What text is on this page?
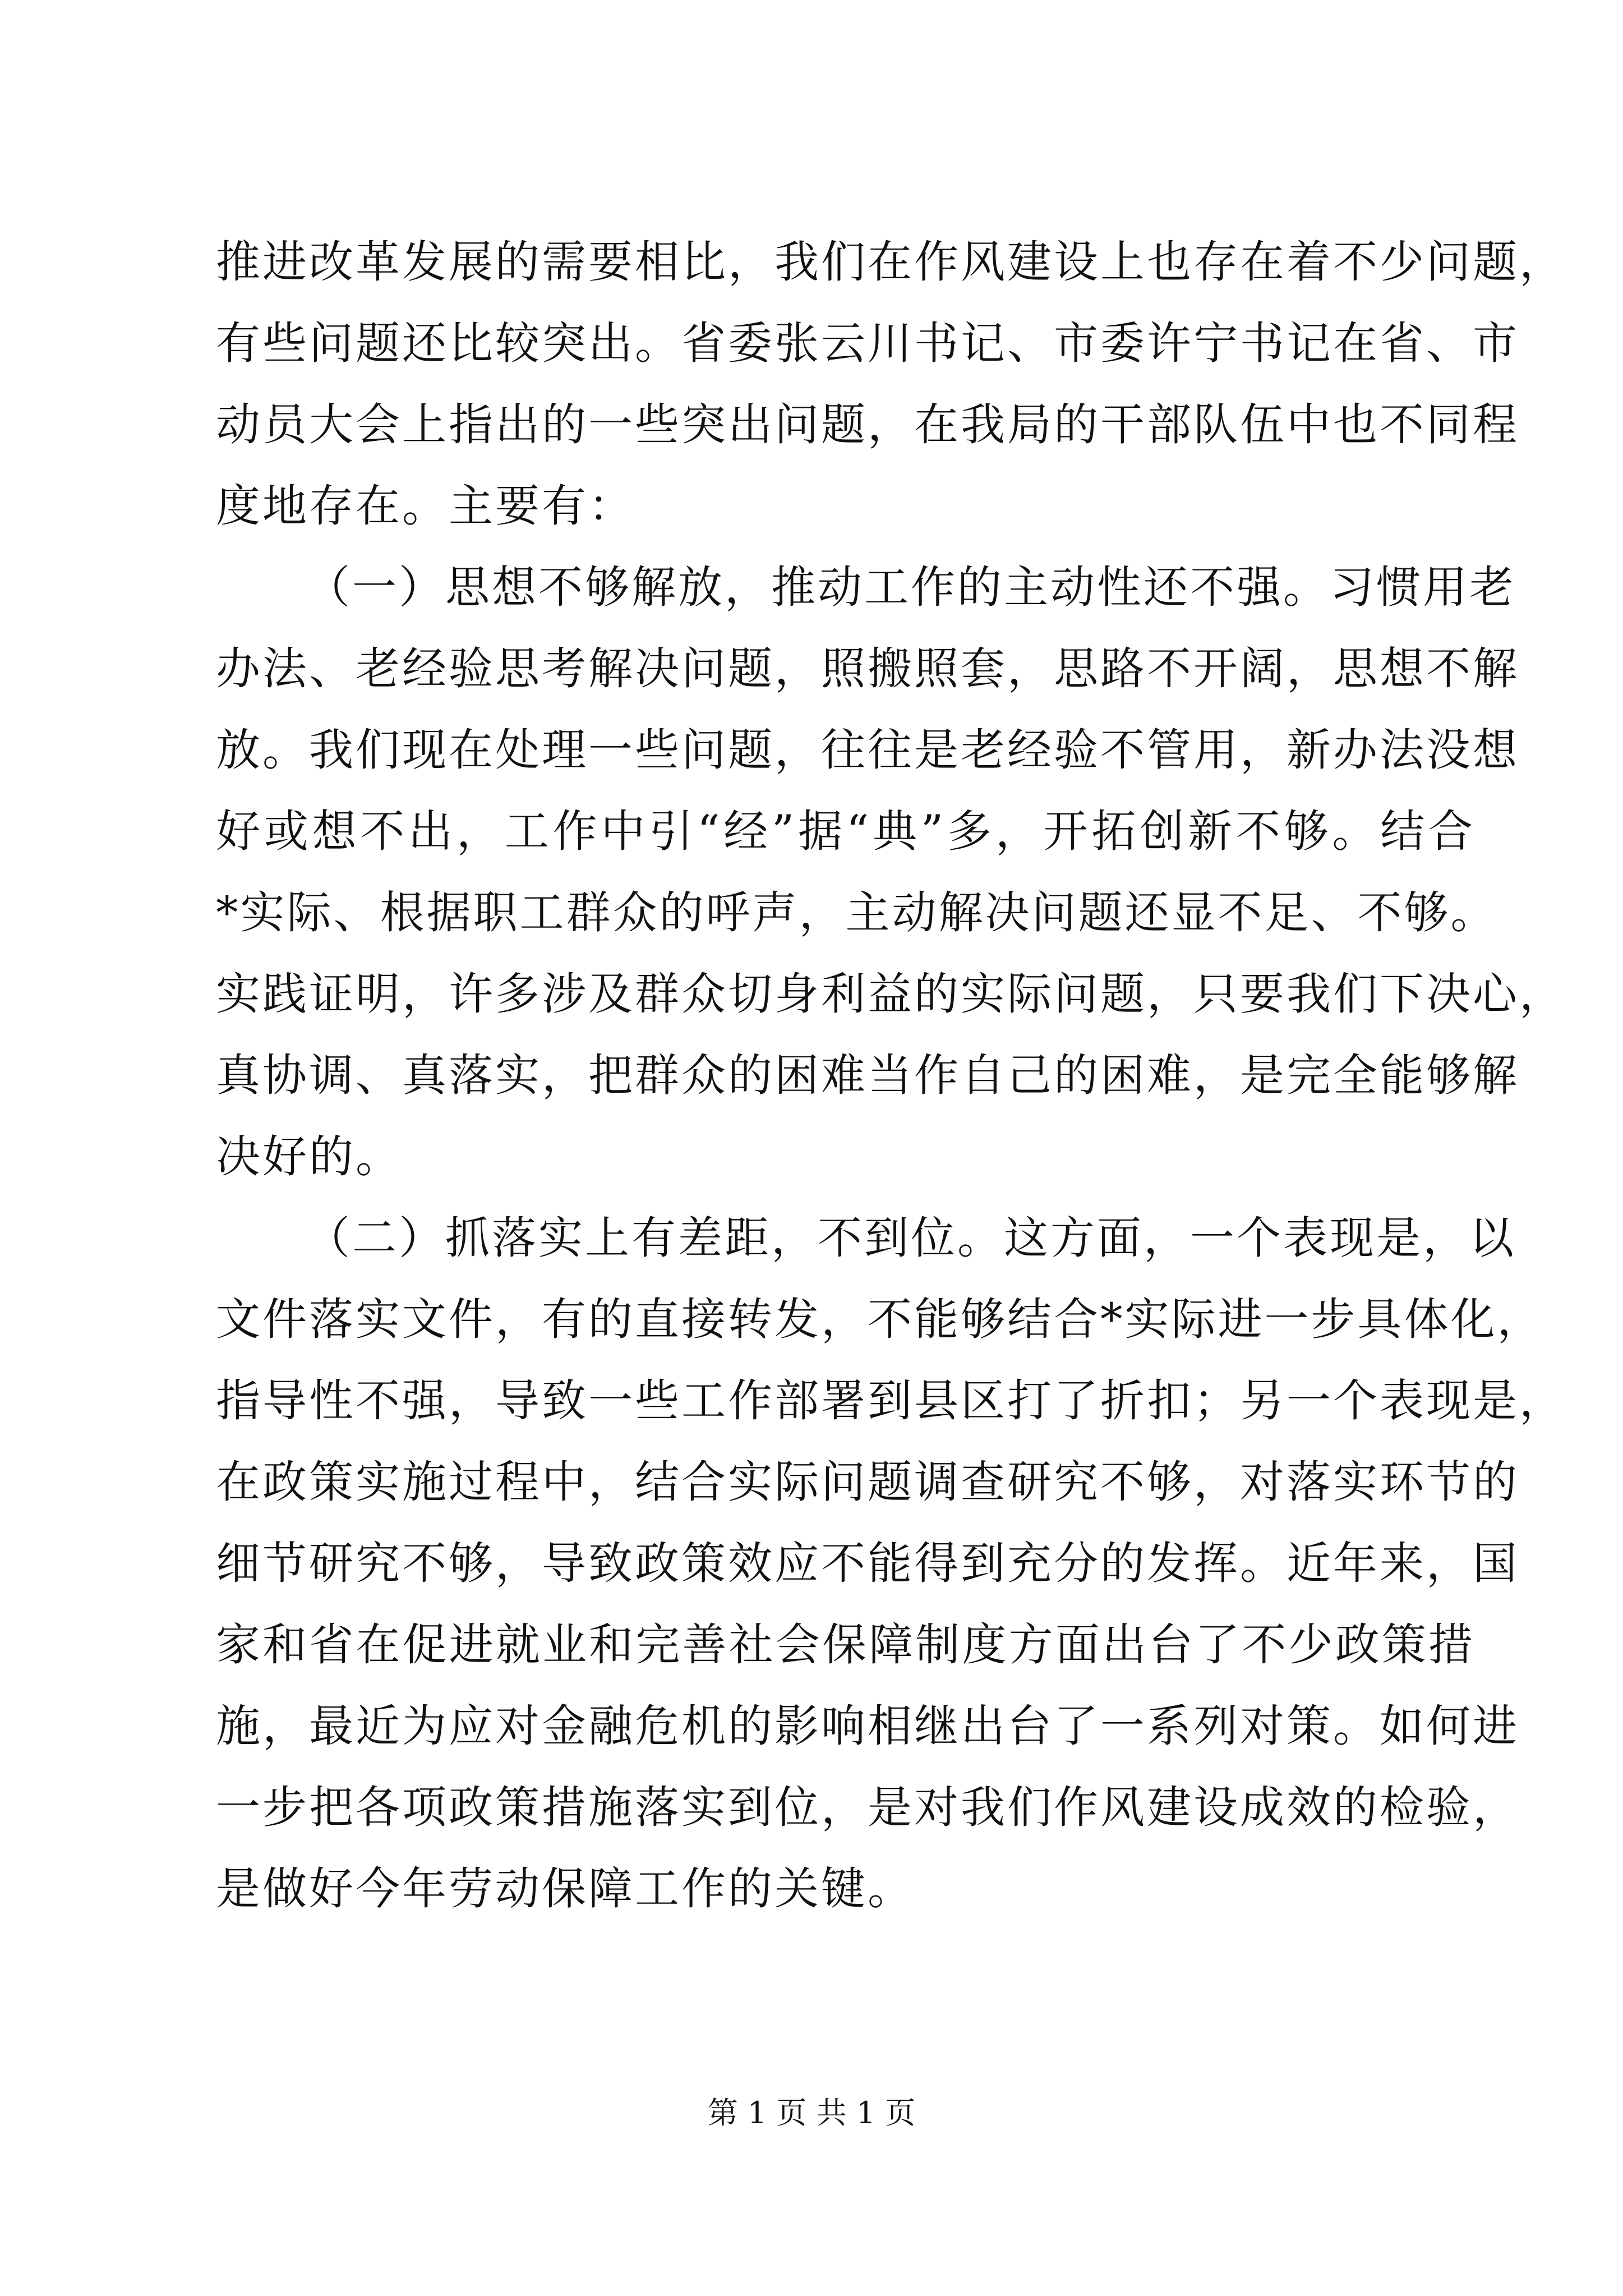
推进改革发展的需要相比，我们在作风建设上也存在着不少问题，
有些问题还比较突出。省委张云川书记、市委许宁书记在省、市
动员大会上指出的一些突出问题，在我局的干部队伍中也不同程
度地存在。主要有：
（一）思想不够解放，推动工作的主动性还不强。习惯用老
办法、老经验思考解决问题，照搬照套，思路不开阔，思想不解
放。我们现在处理一些问题，往往是老经验不管用，新办法没想
好或想不出，工作中引“经”据“典”多，开拓创新不够。结合
*实际、根据职工群众的呼声，主动解决问题还显不足、不够。
实践证明，许多涉及群众切身利益的实际问题，只要我们下决心，
真协调、真落实，把群众的困难当作自己的困难，是完全能够解
决好的。
（二）抓落实上有差距，不到位。这方面，一个表现是，以
文件落实文件，有的直接转发，不能够结合*实际进一步具体化，
指导性不强，导致一些工作部署到县区打了折扣；另一个表现是，
在政策实施过程中，结合实际问题调查研究不够，对落实环节的
细节研究不够，导致政策效应不能得到充分的发挥。近年来，国
家和省在促进就业和完善社会保障制度方面出台了不少政策措
施，最近为应对金融危机的影响相继出台了一系列对策。如何进
一步把各项政策措施落实到位，是对我们作风建设成效的检验，
是做好今年劳动保障工作的关键。
第 1 页 共 1 页
